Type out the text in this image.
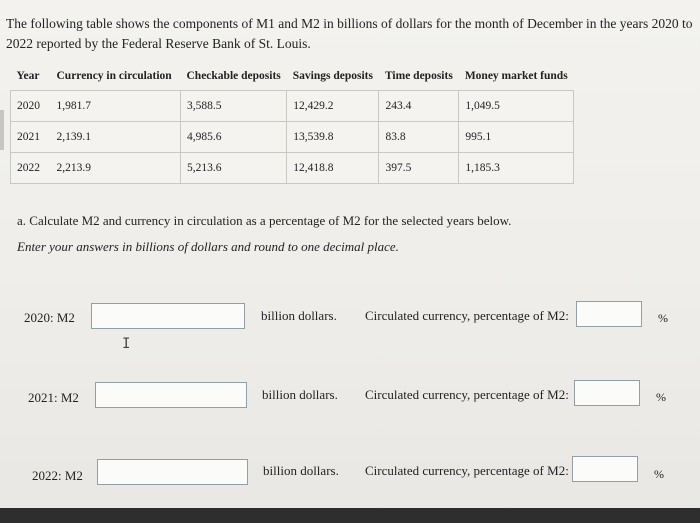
The following table shows the components of M1 and M2 in billions of dollars for the month of December in the years 2020 to 2022 reported by the Federal Reserve Bank of St. Louis.
Year	Currency in circulation	Checkable deposits	Savings deposits	Time deposits	Money market funds
2020	1,981.7	3,588.5	12,429.2	243.4	1,049.5
2021	2,139.1	4,985.6	13,539.8	83.8	995.1
2022	2,213.9	5,213.6	12,418.8	397.5	1,185.3
a. Calculate M2 and currency in circulation as a percentage of M2 for the selected years below.
Enter your answers in billions of dollars and round to one decimal place.
2020: M2	billion dollars. Circulated currency, percentage of M2:	%
I
2021: M2	billion dollars. Circulated currency, percentage of M2:	%
2022: M2	billion dollars. Circulated currency, percentage of M2:	%
